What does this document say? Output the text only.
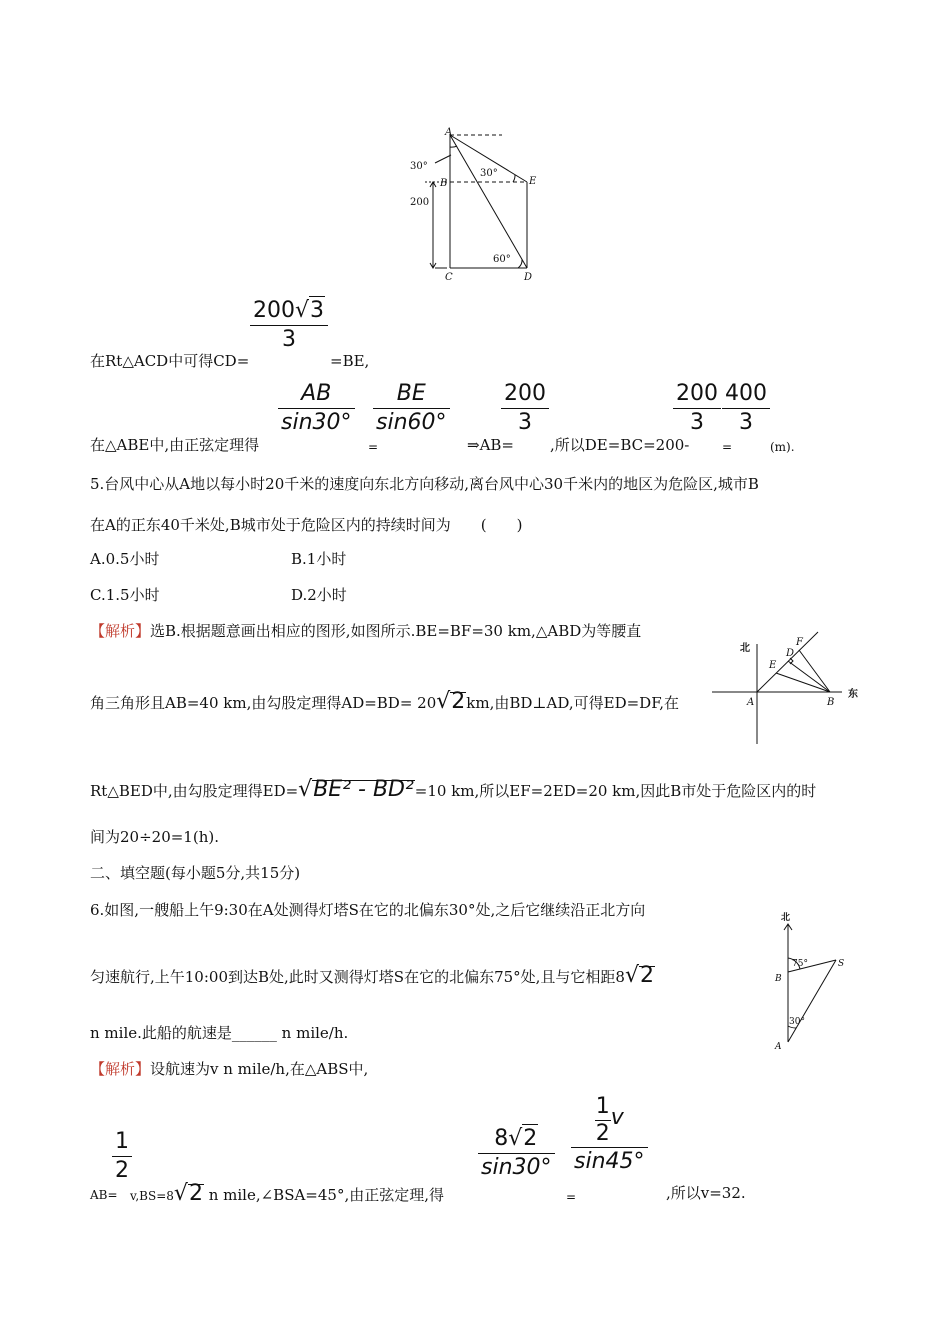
A
B
C	D
E
30°
30°
60°
200
在Rt△ACD中可得CD=
200√3
3
=BE,
在△ABE中,由正弦定理得
AB
sin30°
=
BE
sin60°
⇒AB=
200
3
,所以DE=BC=200-
200
3
=
400
3
(m).
5.台风中心从A地以每小时20千米的速度向东北方向移动,离台风中心30千米内的地区为危险区,城市B
在A的正东40千米处,B城市处于危险区内的持续时间为　　(　　)
A.0.5小时	B.1小时
C.1.5小时	D.2小时
【解析】选B.根据题意画出相应的图形,如图所示.BE=BF=30 km,△ABD为等腰直
角三角形且AB=40 km,由勾股定理得AD=BD= 20√2km,由BD⊥AD,可得ED=DF,在
Rt△BED中,由勾股定理得ED=√BE² - BD²=10 km,所以EF=2ED=20 km,因此B市处于危险区内的时
间为20÷20=1(h).
北
东
A	B
D
E
F
二、填空题(每小题5分,共15分)
6.如图,一艘船上午9:30在A处测得灯塔S在它的北偏东30°处,之后它继续沿正北方向
匀速航行,上午10:00到达B处,此时又测得灯塔S在它的北偏东75°处,且与它相距8√2
n mile.此船的航速是______ n mile/h.
北
75°
30°
A
B
S
【解析】设航速为v n mile/h,在△ABS中,
AB=
1
2
v,BS=8√2 n mile,∠BSA=45°,由正弦定理,得
8√2
sin30°
=
1
2
v
sin45°
,所以v=32.
